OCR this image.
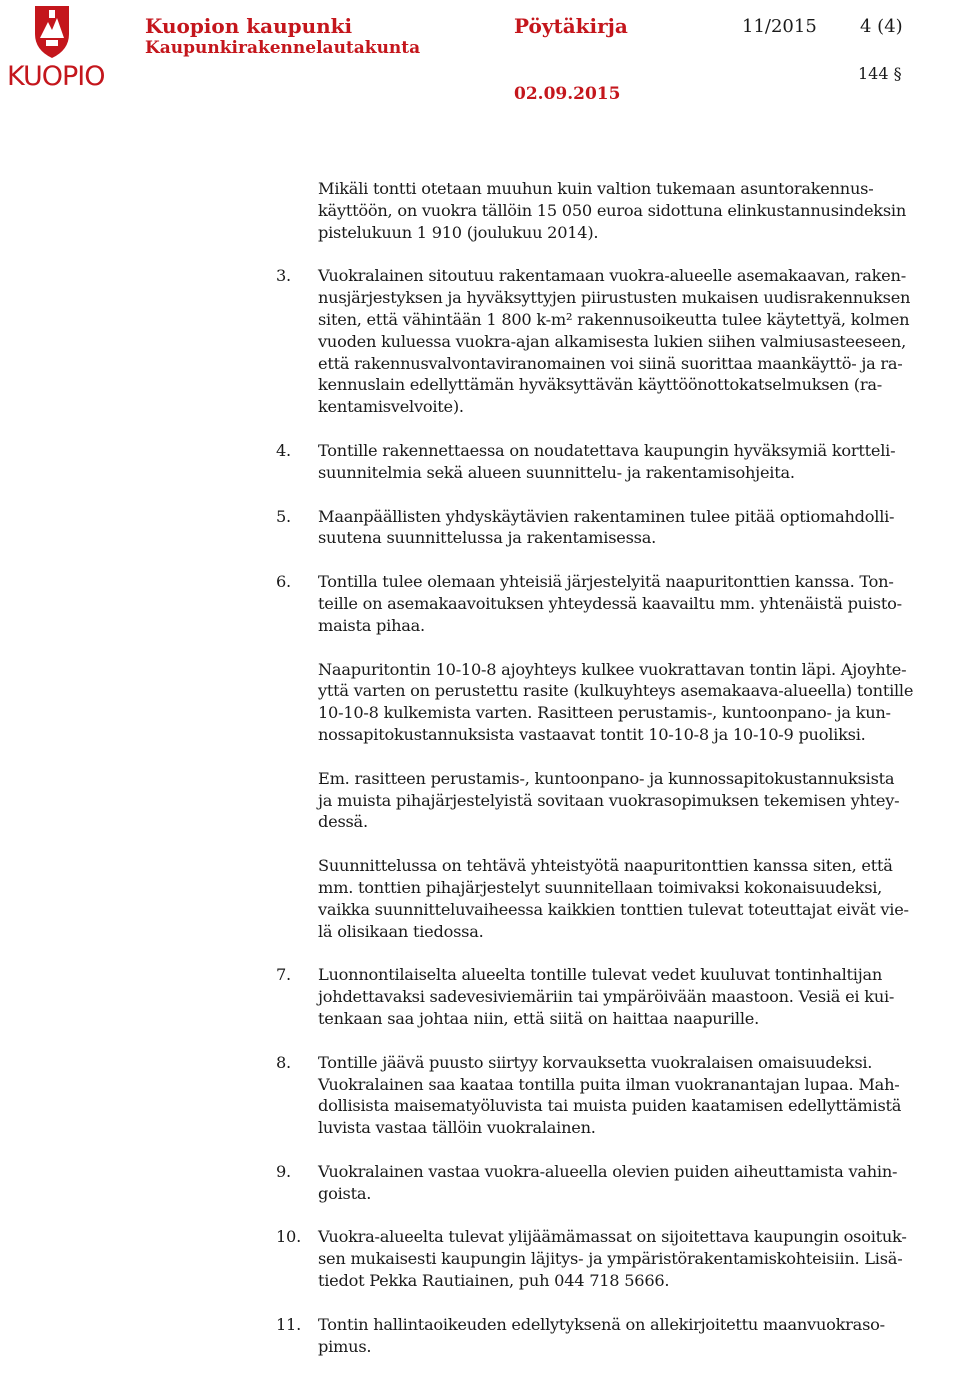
KUOPIO
Kuopion kaupunki
Kaupunkirakennelautakunta
Pöytäkirja	11/2015 4 (4)
144 §
02.09.2015

Mikäli tontti otetaan muuhun kuin valtion tukemaan asuntorakennus-
käyttöön, on vuokra tällöin 15 050 euroa sidottuna elinkustannusindeksin
pistelukuun 1 910 (joulukuu 2014).

3.	Vuokralainen sitoutuu rakentamaan vuokra-alueelle asemakaavan, raken-
nusjärjestyksen ja hyväksyttyjen piirustusten mukaisen uudisrakennuksen
siten, että vähintään 1 800 k-m² rakennusoikeutta tulee käytettyä, kolmen
vuoden kuluessa vuokra-ajan alkamisesta lukien siihen valmiusasteeseen,
että rakennusvalvontaviranomainen voi siinä suorittaa maankäyttö- ja ra-
kennuslain edellyttämän hyväksyttävän käyttöönottokatselmuksen (ra-
kentamisvelvoite).
4.	Tontille rakennettaessa on noudatettava kaupungin hyväksymiä kortteli-
suunnitelmia sekä alueen suunnittelu- ja rakentamisohjeita.
5.	Maanpäällisten yhdyskäytävien rakentaminen tulee pitää optiomahdolli-
suutena suunnittelussa ja rakentamisessa.
6.	Tontilla tulee olemaan yhteisiä järjestelyitä naapuritonttien kanssa. Ton-
teille on asemakaavoituksen yhteydessä kaavailtu mm. yhtenäistä puisto-
maista pihaa.

Naapuritontin 10-10-8 ajoyhteys kulkee vuokrattavan tontin läpi. Ajoyhte-
yttä varten on perustettu rasite (kulkuyhteys asemakaava-alueella) tontille
10-10-8 kulkemista varten. Rasitteen perustamis-, kuntoonpano- ja kun-
nossapitokustannuksista vastaavat tontit 10-10-8 ja 10-10-9 puoliksi.

Em. rasitteen perustamis-, kuntoonpano- ja kunnossapitokustannuksista
ja muista pihajärjestelyistä sovitaan vuokrasopimuksen tekemisen yhtey-
dessä.

Suunnittelussa on tehtävä yhteistyötä naapuritonttien kanssa siten, että
mm. tonttien pihajärjestelyt suunnitellaan toimivaksi kokonaisuudeksi,
vaikka suunnitteluvaiheessa kaikkien tonttien tulevat toteuttajat eivät vie-
lä olisikaan tiedossa.

7.	Luonnontilaiselta alueelta tontille tulevat vedet kuuluvat tontinhaltijan
johdettavaksi sadevesiviemäriin tai ympäröivään maastoon. Vesiä ei kui-
tenkaan saa johtaa niin, että siitä on haittaa naapurille.
8.	Tontille jäävä puusto siirtyy korvauksetta vuokralaisen omaisuudeksi.
Vuokralainen saa kaataa tontilla puita ilman vuokranantajan lupaa. Mah-
dollisista maisematyöluvista tai muista puiden kaatamisen edellyttämistä
luvista vastaa tällöin vuokralainen.
9.	Vuokralainen vastaa vuokra-alueella olevien puiden aiheuttamista vahin-
goista.
10.	Vuokra-alueelta tulevat ylijäämämassat on sijoitettava kaupungin osoituk-
sen mukaisesti kaupungin läjitys- ja ympäristörakentamiskohteisiin. Lisä-
tiedot Pekka Rautiainen, puh 044 718 5666.
11.	Tontin hallintaoikeuden edellytyksenä on allekirjoitettu maanvuokraso-
pimus.
